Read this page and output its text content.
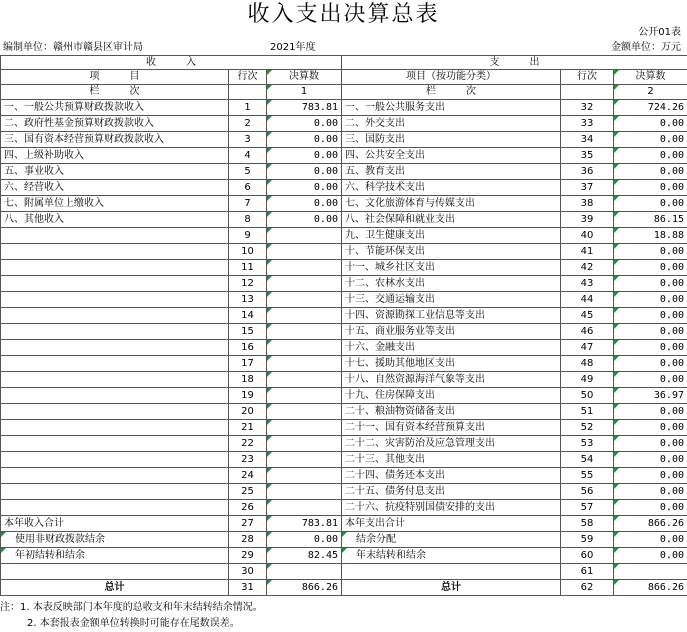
收入支出决算总表
公开01表
编制单位：赣州市赣县区审计局	2021年度	金额单位：万元
收　　　入			支　　　出		
项　　　目	行次	决算数	项目（按功能分类）	行次	决算数
栏　　　次		1	栏　　　次		2
一、一般公共预算财政拨款收入	1	783.81	一、一般公共服务支出	32	724.26
二、政府性基金预算财政拨款收入	2	0.00	二、外交支出	33	0.00
三、国有资本经营预算财政拨款收入	3	0.00	三、国防支出	34	0.00
四、上级补助收入	4	0.00	四、公共安全支出	35	0.00
五、事业收入	5	0.00	五、教育支出	36	0.00
六、经营收入	6	0.00	六、科学技术支出	37	0.00
七、附属单位上缴收入	7	0.00	七、文化旅游体育与传媒支出	38	0.00
八、其他收入	8	0.00	八、社会保障和就业支出	39	86.15
	9		九、卫生健康支出	40	18.88
	10		十、节能环保支出	41	0.00
	11		十一、城乡社区支出	42	0.00
	12		十二、农林水支出	43	0.00
	13		十三、交通运输支出	44	0.00
	14		十四、资源勘探工业信息等支出	45	0.00
	15		十五、商业服务业等支出	46	0.00
	16		十六、金融支出	47	0.00
	17		十七、援助其他地区支出	48	0.00
	18		十八、自然资源海洋气象等支出	49	0.00
	19		十九、住房保障支出	50	36.97
	20		二十、粮油物资储备支出	51	0.00
	21		二十一、国有资本经营预算支出	52	0.00
	22		二十二、灾害防治及应急管理支出	53	0.00
	23		二十三、其他支出	54	0.00
	24		二十四、债务还本支出	55	0.00
	25		二十五、债务付息支出	56	0.00
	26		二十六、抗疫特别国债安排的支出	57	0.00
本年收入合计	27	783.81	本年支出合计	58	866.26
使用非财政拨款结余	28	0.00	结余分配	59	0.00
年初结转和结余	29	82.45	年末结转和结余	60	0.00
	30			61	
总计	31	866.26	总计	62	866.26
注：1. 本表反映部门本年度的总收支和年末结转结余情况。
2. 本套报表金额单位转换时可能存在尾数误差。
